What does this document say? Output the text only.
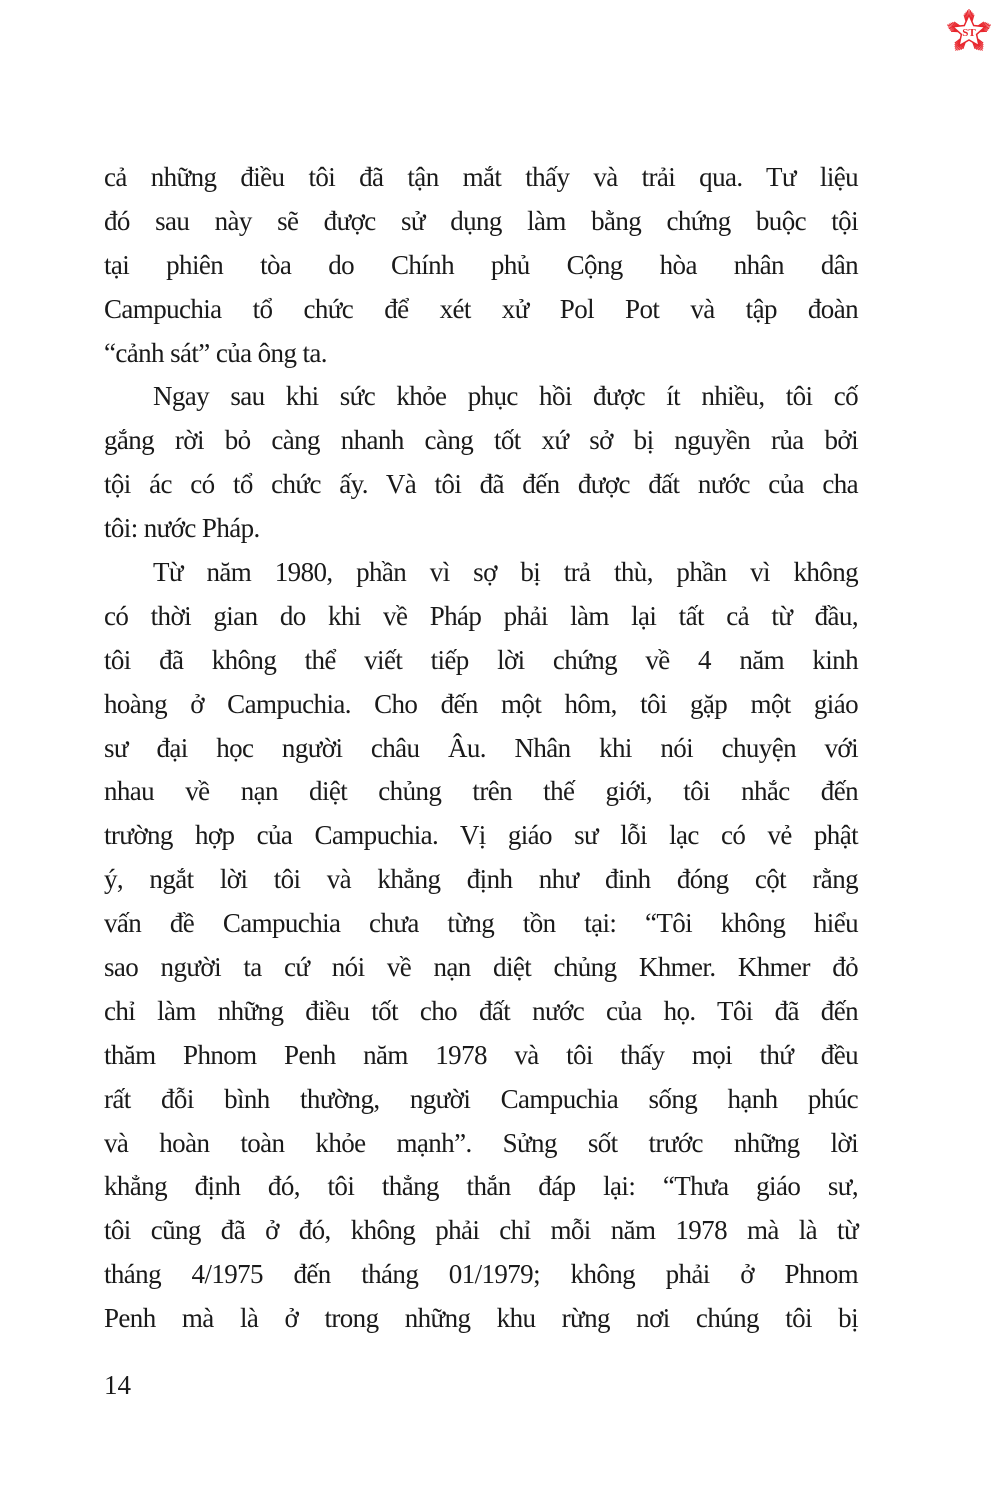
ST
cả những điều tôi đã tận mắt thấy và trải qua. Tư liệu
đó sau này sẽ được sử dụng làm bằng chứng buộc tội
tại phiên tòa do Chính phủ Cộng hòa nhân dân
Campuchia tổ chức để xét xử Pol Pot và tập đoàn
“cảnh sát” của ông ta.
Ngay sau khi sức khỏe phục hồi được ít nhiều, tôi cố
gắng rời bỏ càng nhanh càng tốt xứ sở bị nguyền rủa bởi
tội ác có tổ chức ấy. Và tôi đã đến được đất nước của cha
tôi: nước Pháp.
Từ năm 1980, phần vì sợ bị trả thù, phần vì không
có thời gian do khi về Pháp phải làm lại tất cả từ đầu,
tôi đã không thể viết tiếp lời chứng về 4 năm kinh
hoàng ở Campuchia. Cho đến một hôm, tôi gặp một giáo
sư đại học người châu Âu. Nhân khi nói chuyện với
nhau về nạn diệt chủng trên thế giới, tôi nhắc đến
trường hợp của Campuchia. Vị giáo sư lỗi lạc có vẻ phật
ý, ngắt lời tôi và khẳng định như đinh đóng cột rằng
vấn đề Campuchia chưa từng tồn tại: “Tôi không hiểu
sao người ta cứ nói về nạn diệt chủng Khmer. Khmer đỏ
chỉ làm những điều tốt cho đất nước của họ. Tôi đã đến
thăm Phnom Penh năm 1978 và tôi thấy mọi thứ đều
rất đỗi bình thường, người Campuchia sống hạnh phúc
và hoàn toàn khỏe mạnh”. Sửng sốt trước những lời
khẳng định đó, tôi thẳng thắn đáp lại: “Thưa giáo sư,
tôi cũng đã ở đó, không phải chỉ mỗi năm 1978 mà là từ
tháng 4/1975 đến tháng 01/1979; không phải ở Phnom
Penh mà là ở trong những khu rừng nơi chúng tôi bị
14
